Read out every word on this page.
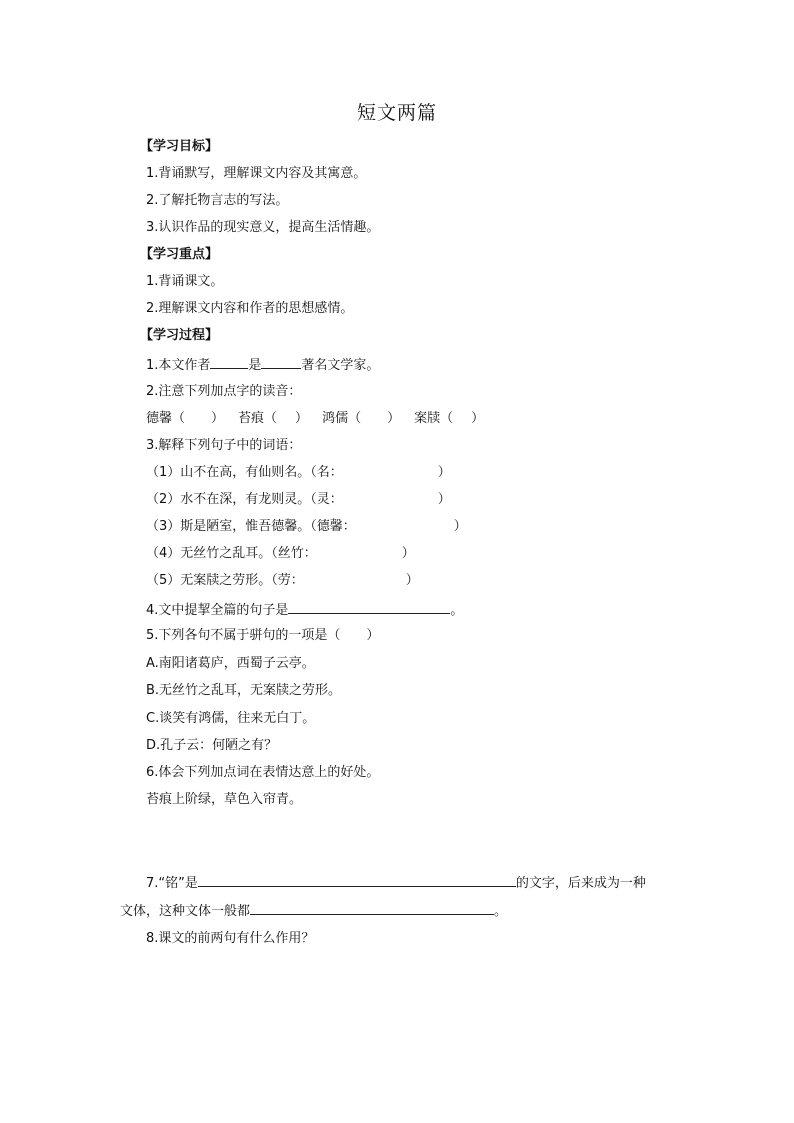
短文两篇
【学习目标】
1.背诵默写，理解课文内容及其寓意。
2.了解托物言志的写法。
3.认识作品的现实意义，提高生活情趣。
【学习重点】
1.背诵课文。
2.理解课文内容和作者的思想感情。
【学习过程】
1.本文作者	是	著名文学家。
2.注意下列加点字的读音：
德馨（ ） 苔痕（ ） 鸿儒（ ） 案牍（ ）
3.解释下列句子中的词语：
（1）山不在高，有仙则名。（名：	）
（2）水不在深，有龙则灵。（灵：	）
（3）斯是陋室，惟吾德馨。（德馨：	）
（4）无丝竹之乱耳。（丝竹：	）
（5）无案牍之劳形。（劳：	）
4.文中提挈全篇的句子是	。
5.下列各句不属于骈句的一项是（　　）
A.南阳诸葛庐，西蜀子云亭。
B.无丝竹之乱耳，无案牍之劳形。
C.谈笑有鸿儒，往来无白丁。
D.孔子云：何陋之有？
6.体会下列加点词在表情达意上的好处。
苔痕上阶绿，草色入帘青。
7.“铭”是	的文字，后来成为一种
文体，这种文体一般都	。
8.课文的前两句有什么作用？
